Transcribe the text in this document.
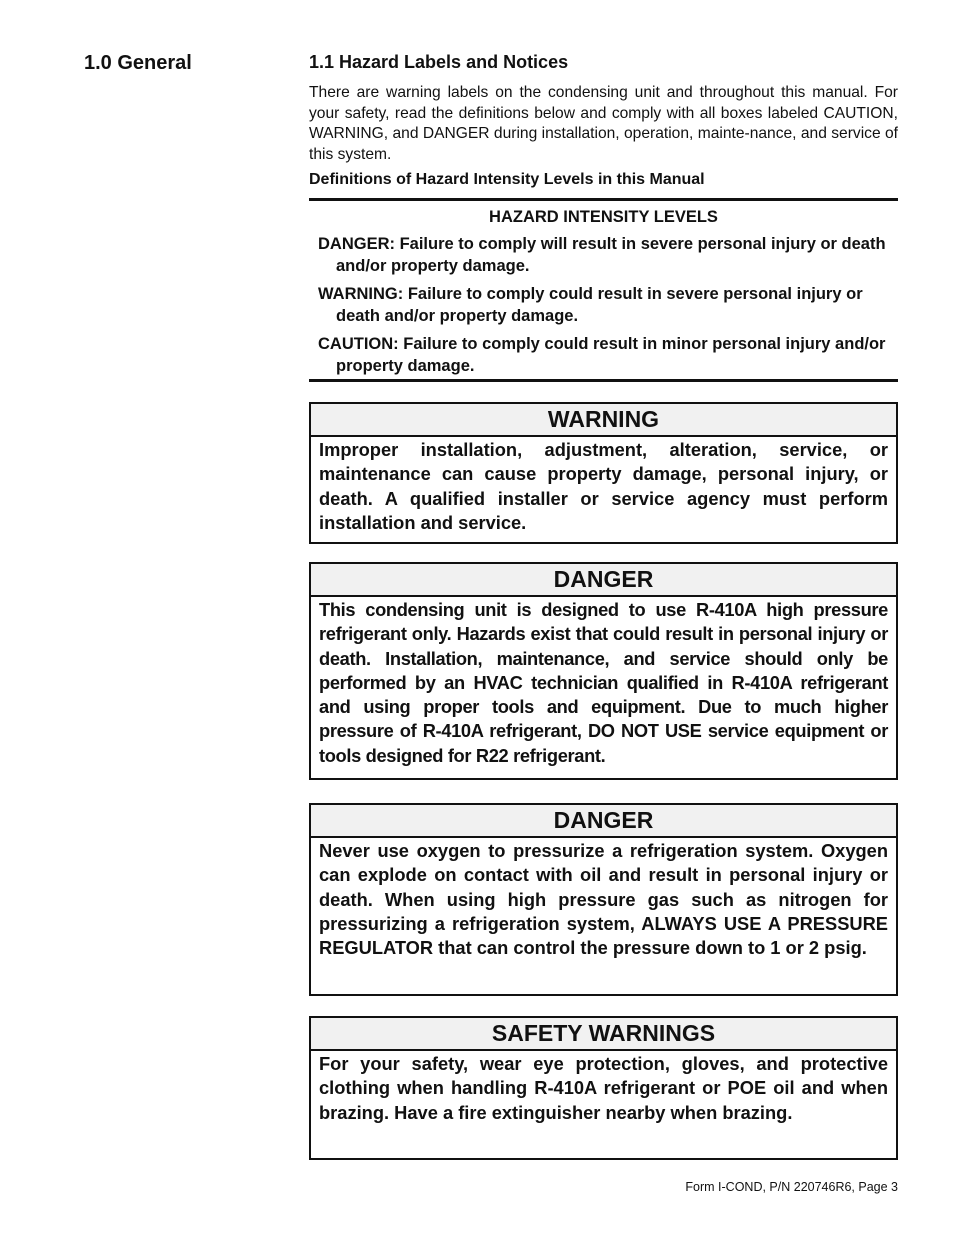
1.0 General	1.1 Hazard Labels and Notices
There are warning labels on the condensing unit and throughout this manual. For your safety, read the definitions below and comply with all boxes labeled CAUTION, WARNING, and DANGER during installation, operation, mainte-nance, and service of this system.
Definitions of Hazard Intensity Levels in this Manual
HAZARD INTENSITY LEVELS
DANGER: Failure to comply will result in severe personal injury or death and/or property damage.
WARNING: Failure to comply could result in severe personal injury or death and/or property damage.
CAUTION: Failure to comply could result in minor personal injury and/or property damage.
WARNING
Improper installation, adjustment, alteration, service, or maintenance can cause property damage, personal injury, or death. A qualified installer or service agency must perform installation and service.
DANGER
This condensing unit is designed to use R-410A high pressure refrigerant only. Hazards exist that could result in personal injury or death. Installation, maintenance, and service should only be performed by an HVAC technician qualified in R-410A refrigerant and using proper tools and equipment. Due to much higher pressure of R-410A refrigerant, DO NOT USE service equipment or tools designed for R22 refrigerant.
DANGER
Never use oxygen to pressurize a refrigeration system. Oxygen can explode on contact with oil and result in personal injury or death. When using high pressure gas such as nitrogen for pressurizing a refrigeration system, ALWAYS USE A PRESSURE REGULATOR that can control the pressure down to 1 or 2 psig.
SAFETY WARNINGS
For your safety, wear eye protection, gloves, and protective clothing when handling R-410A refrigerant or POE oil and when brazing. Have a fire extinguisher nearby when brazing.
Form I-COND, P/N 220746R6, Page 3
